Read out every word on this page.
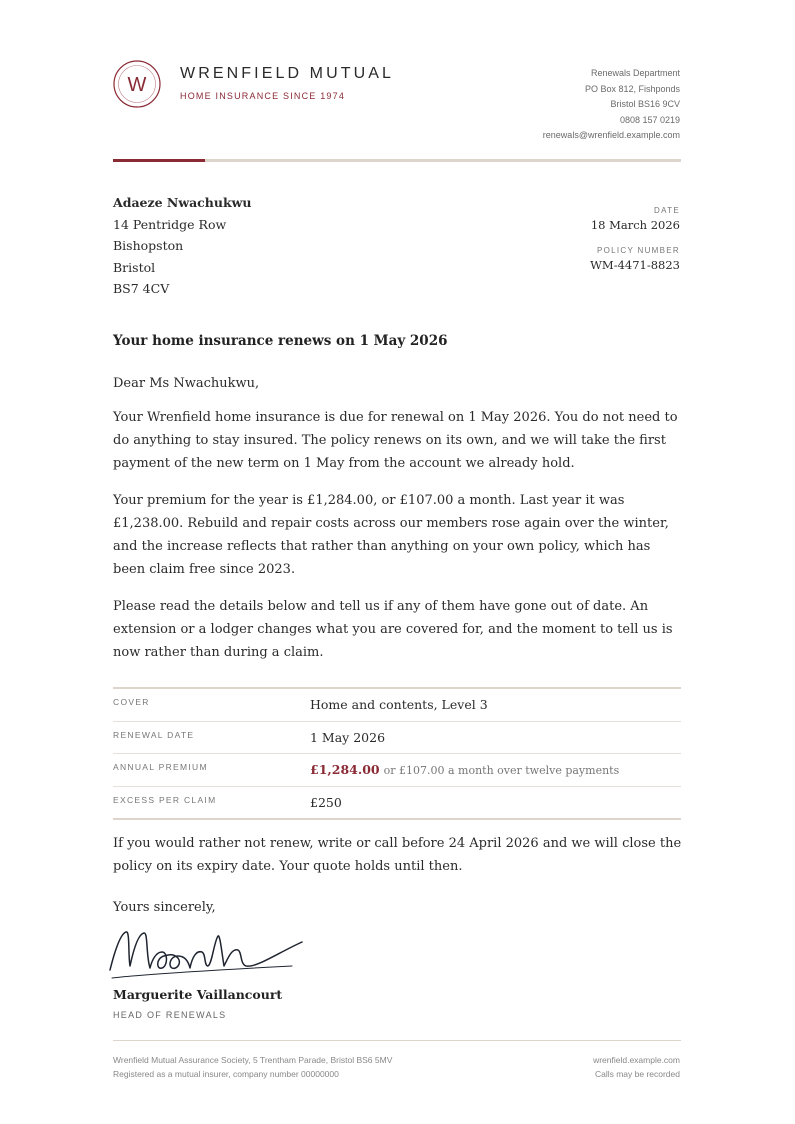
W
WRENFIELD MUTUAL
HOME INSURANCE SINCE 1974
Renewals Department
PO Box 812, Fishponds
Bristol BS16 9CV
0808 157 0219
renewals@wrenfield.example.com
Adaeze Nwachukwu
14 Pentridge Row
Bishopston
Bristol
BS7 4CV
DATE
18 March 2026
POLICY NUMBER
WM-4471-8823
Your home insurance renews on 1 May 2026

Dear Ms Nwachukwu,

Your Wrenfield home insurance is due for renewal on 1 May 2026. You do not need to do anything to stay insured. The policy renews on its own, and we will take the first payment of the new term on 1 May from the account we already hold.

Your premium for the year is £1,284.00, or £107.00 a month. Last year it was £1,238.00. Rebuild and repair costs across our members rose again over the winter, and the increase reflects that rather than anything on your own policy, which has been claim free since 2023.

Please read the details below and tell us if any of them have gone out of date. An extension or a lodger changes what you are covered for, and the moment to tell us is now rather than during a claim.

COVER	Home and contents, Level 3
RENEWAL DATE	1 May 2026
ANNUAL PREMIUM	£1,284.00 or £107.00 a month over twelve payments
EXCESS PER CLAIM	£250

If you would rather not renew, write or call before 24 April 2026 and we will close the policy on its expiry date. Your quote holds until then.

Yours sincerely,
Marguerite Vaillancourt
HEAD OF RENEWALS
Wrenfield Mutual Assurance Society, 5 Trentham Parade, Bristol BS6 5MV
Registered as a mutual insurer, company number 00000000
wrenfield.example.com
Calls may be recorded
